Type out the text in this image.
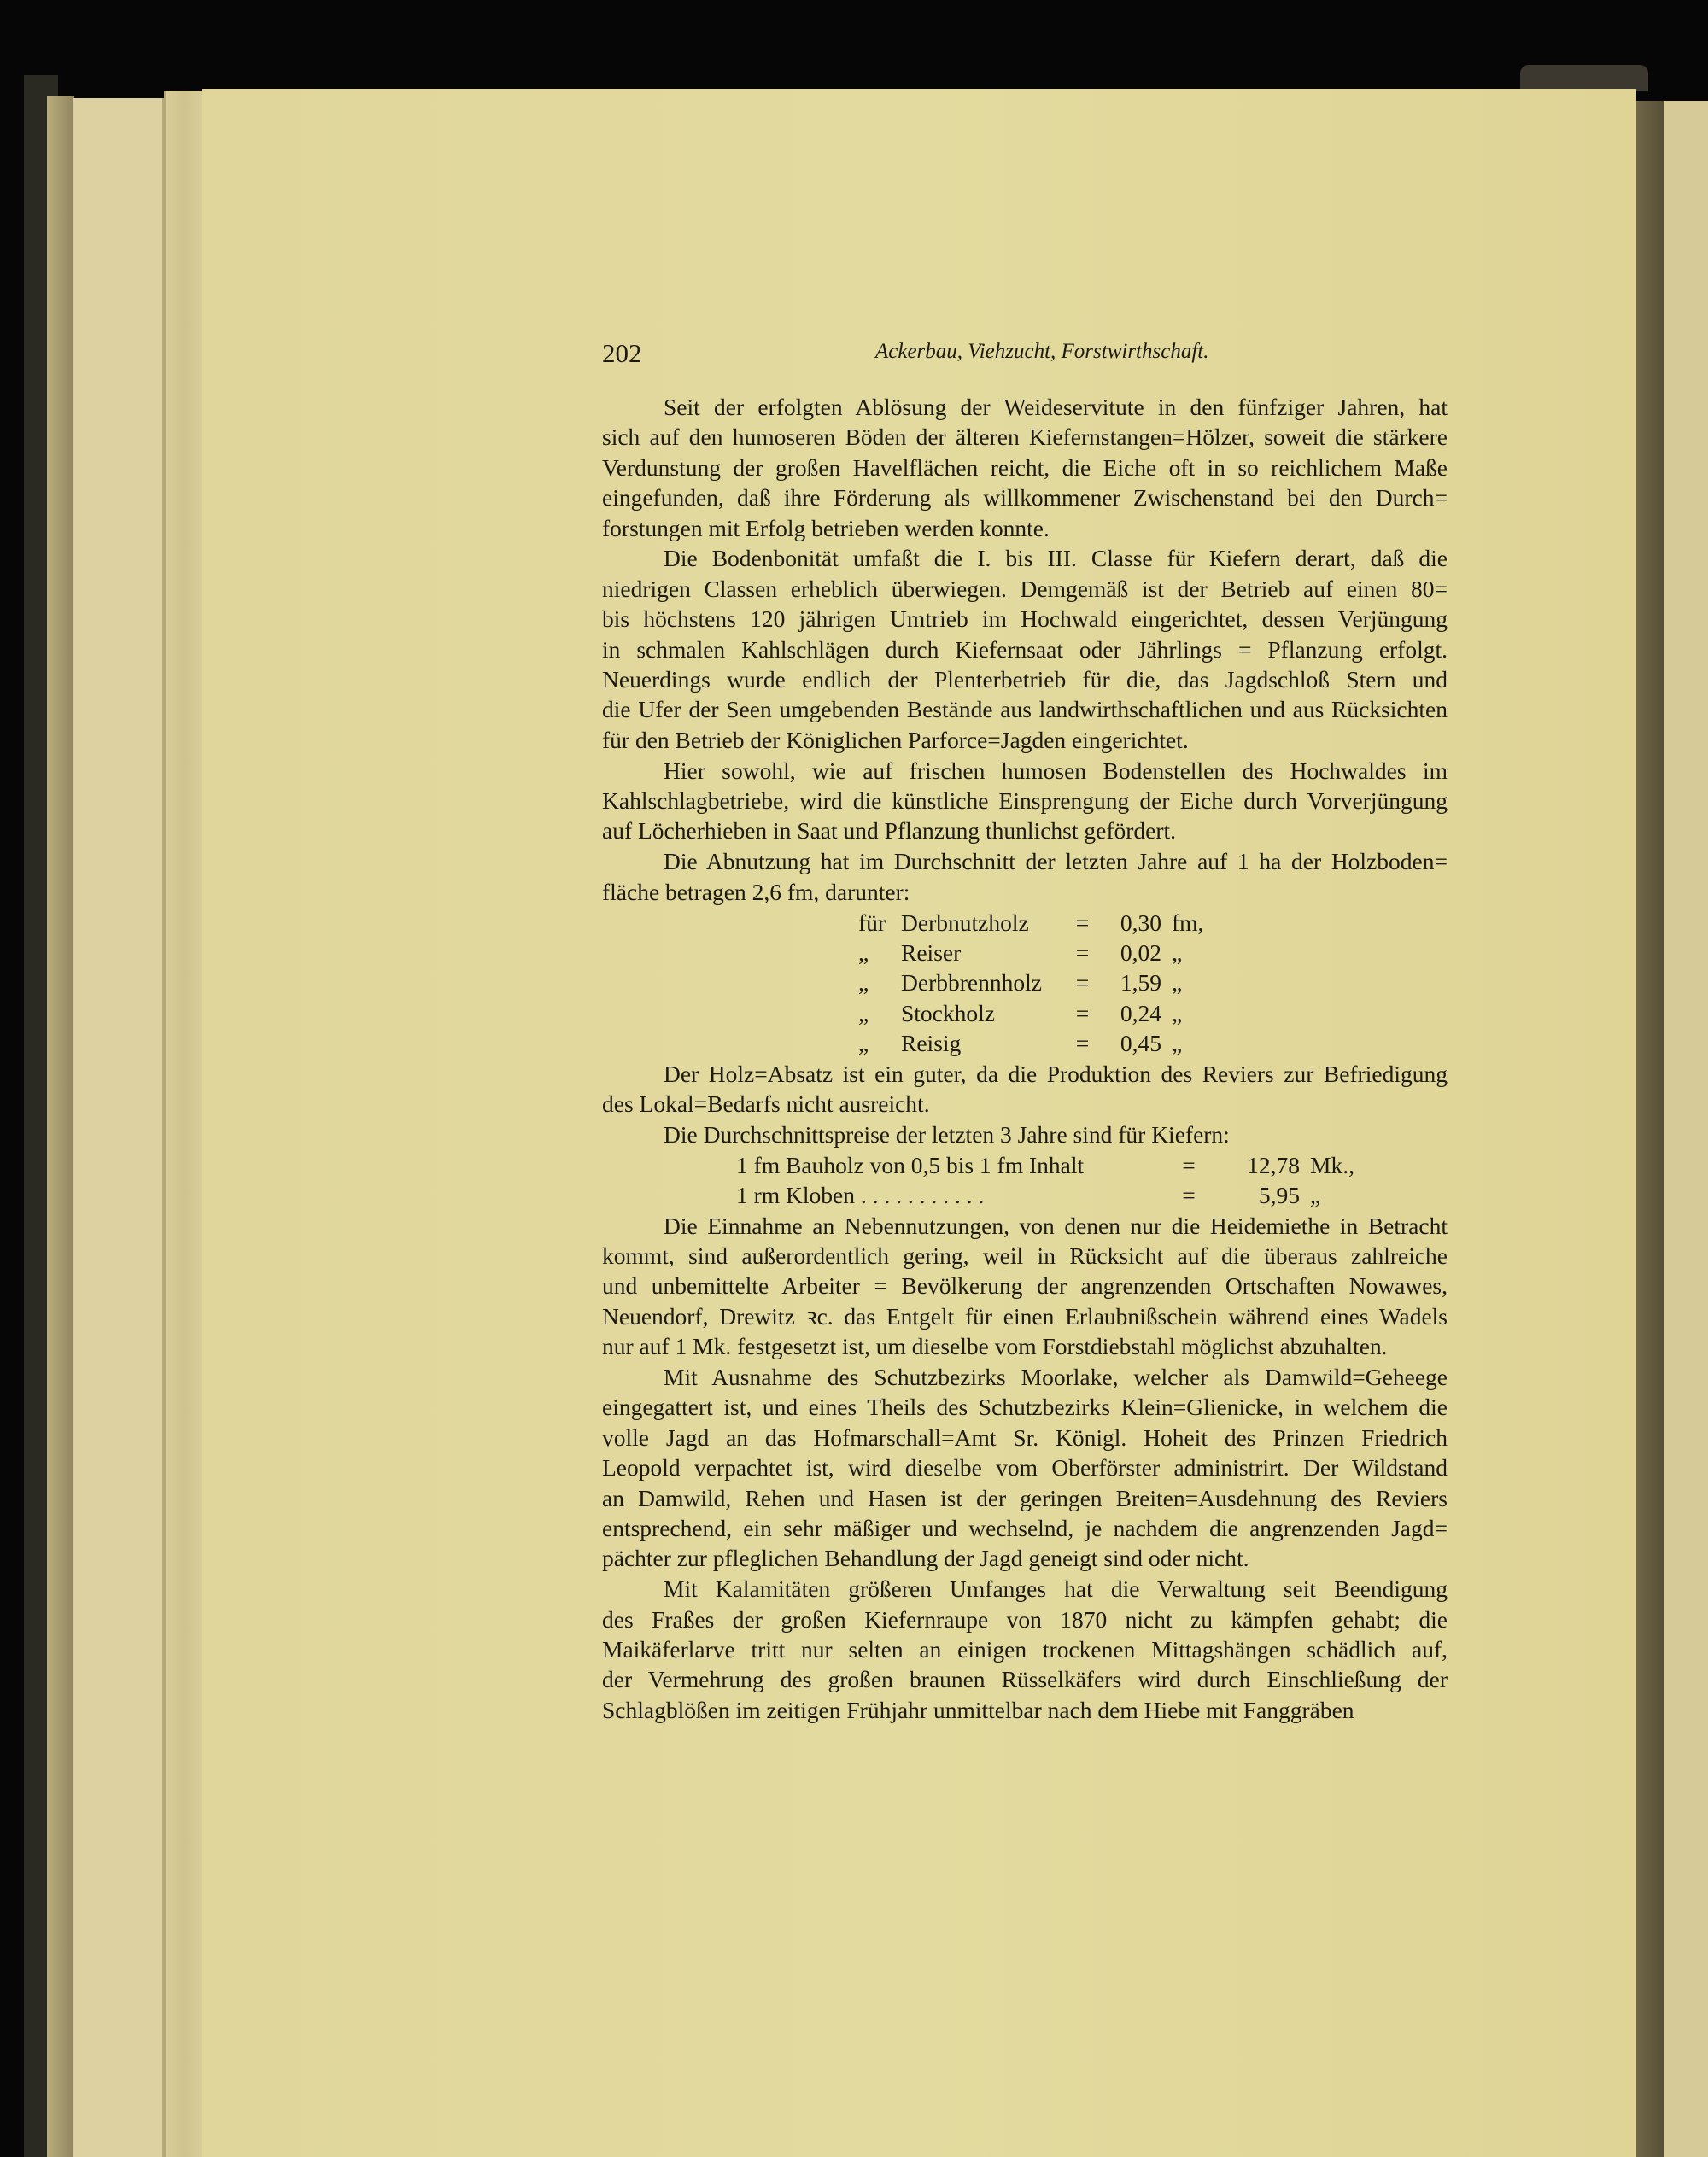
202	Ackerbau, Viehzucht, Forstwirthschaft.
Seit der erfolgten Ablösung der Weideservitute in den fünfziger Jahren, hat
sich auf den humoseren Böden der älteren Kiefernstangen=Hölzer, soweit die stärkere
Verdunstung der großen Havelflächen reicht, die Eiche oft in so reichlichem Maße
eingefunden, daß ihre Förderung als willkommener Zwischenstand bei den Durch=
forstungen mit Erfolg betrieben werden konnte.
Die Bodenbonität umfaßt die I. bis III. Classe für Kiefern derart, daß die
niedrigen Classen erheblich überwiegen. Demgemäß ist der Betrieb auf einen 80=
bis höchstens 120 jährigen Umtrieb im Hochwald eingerichtet, dessen Verjüngung
in schmalen Kahlschlägen durch Kiefernsaat oder Jährlings = Pflanzung erfolgt.
Neuerdings wurde endlich der Plenterbetrieb für die, das Jagdschloß Stern und
die Ufer der Seen umgebenden Bestände aus landwirthschaftlichen und aus Rücksichten
für den Betrieb der Königlichen Parforce=Jagden eingerichtet.
Hier sowohl, wie auf frischen humosen Bodenstellen des Hochwaldes im
Kahlschlagbetriebe, wird die künstliche Einsprengung der Eiche durch Vorverjüngung
auf Löcherhieben in Saat und Pflanzung thunlichst gefördert.
Die Abnutzung hat im Durchschnitt der letzten Jahre auf 1 ha der Holzboden=
fläche betragen 2,6 fm, darunter:
für Derbnutzholz	=	0,30 fm,
„	Reiser	=	0,02 „
„	Derbbrennholz	=	1,59 „
„	Stockholz	=	0,24 „
„	Reisig	=	0,45 „
Der Holz=Absatz ist ein guter, da die Produktion des Reviers zur Befriedigung
des Lokal=Bedarfs nicht ausreicht.
Die Durchschnittspreise der letzten 3 Jahre sind für Kiefern:
1 fm Bauholz von 0,5 bis 1 fm Inhalt	=	12,78 Mk.,
1 rm Kloben . . . . . . . . . . .	=	5,95 „
Die Einnahme an Nebennutzungen, von denen nur die Heidemiethe in Betracht
kommt, sind außerordentlich gering, weil in Rücksicht auf die überaus zahlreiche
und unbemittelte Arbeiter = Bevölkerung der angrenzenden Ortschaften Nowawes,
Neuendorf, Drewitz ꝛc. das Entgelt für einen Erlaubnißschein während eines Wadels
nur auf 1 Mk. festgesetzt ist, um dieselbe vom Forstdiebstahl möglichst abzuhalten.
Mit Ausnahme des Schutzbezirks Moorlake, welcher als Damwild=Geheege
eingegattert ist, und eines Theils des Schutzbezirks Klein=Glienicke, in welchem die
volle Jagd an das Hofmarschall=Amt Sr. Königl. Hoheit des Prinzen Friedrich
Leopold verpachtet ist, wird dieselbe vom Oberförster administrirt. Der Wildstand
an Damwild, Rehen und Hasen ist der geringen Breiten=Ausdehnung des Reviers
entsprechend, ein sehr mäßiger und wechselnd, je nachdem die angrenzenden Jagd=
pächter zur pfleglichen Behandlung der Jagd geneigt sind oder nicht.
Mit Kalamitäten größeren Umfanges hat die Verwaltung seit Beendigung
des Fraßes der großen Kiefernraupe von 1870 nicht zu kämpfen gehabt; die
Maikäferlarve tritt nur selten an einigen trockenen Mittagshängen schädlich auf,
der Vermehrung des großen braunen Rüsselkäfers wird durch Einschließung der
Schlagblößen im zeitigen Frühjahr unmittelbar nach dem Hiebe mit Fanggräben
